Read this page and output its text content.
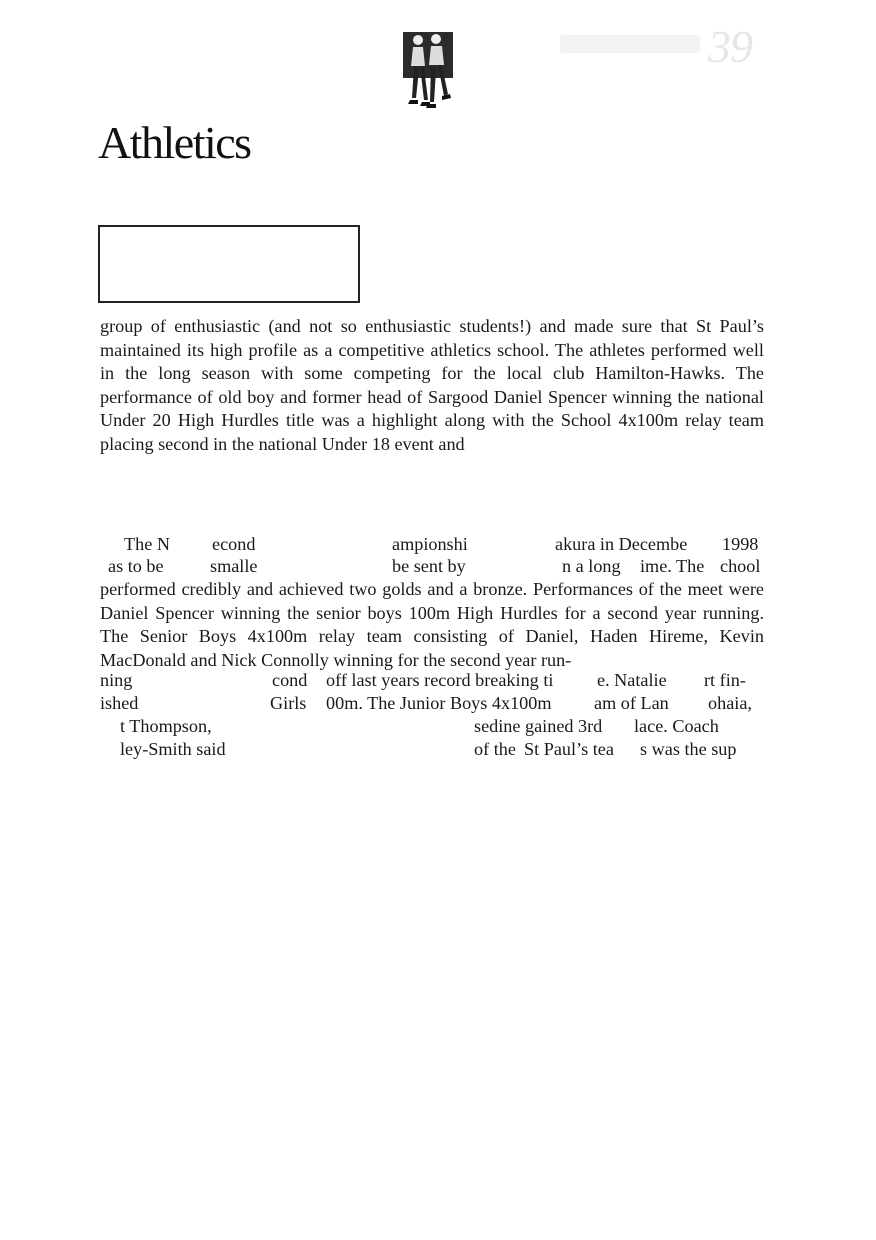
39
Athletics

group of enthusiastic (and not so enthusiastic students!) and made sure that St Paul’s maintained its high profile as a competitive athletics school. The athletes performed well in the long season with some competing for the local club Hamilton-Hawks. The performance of old boy and former head of Sargood Daniel Spencer winning the national Under 20 High Hurdles title was a highlight along with the School 4x100m relay team placing second in the national Under 18 event and

The N econd	ampionshi	akura in Decembe 1998
as to be	smalle	be sent by	n a long ime. The chool
ning	cond off last years record breaking ti e. Natalie rt fin-
ished	Girls 00m. The Junior Boys 4x100m am of Lan ohaia,
t Thompson,	sedine gained 3rd lace. Coach
ley-Smith said	of the St Paul’s tea s was the sup

performed credibly and achieved two golds and a bronze. Performances of the meet were Daniel Spencer winning the senior boys 100m High Hurdles for a second year running. The Senior Boys 4x100m relay team consisting of Daniel, Haden Hireme, Kevin MacDonald and Nick Connolly winning for the second year run-
